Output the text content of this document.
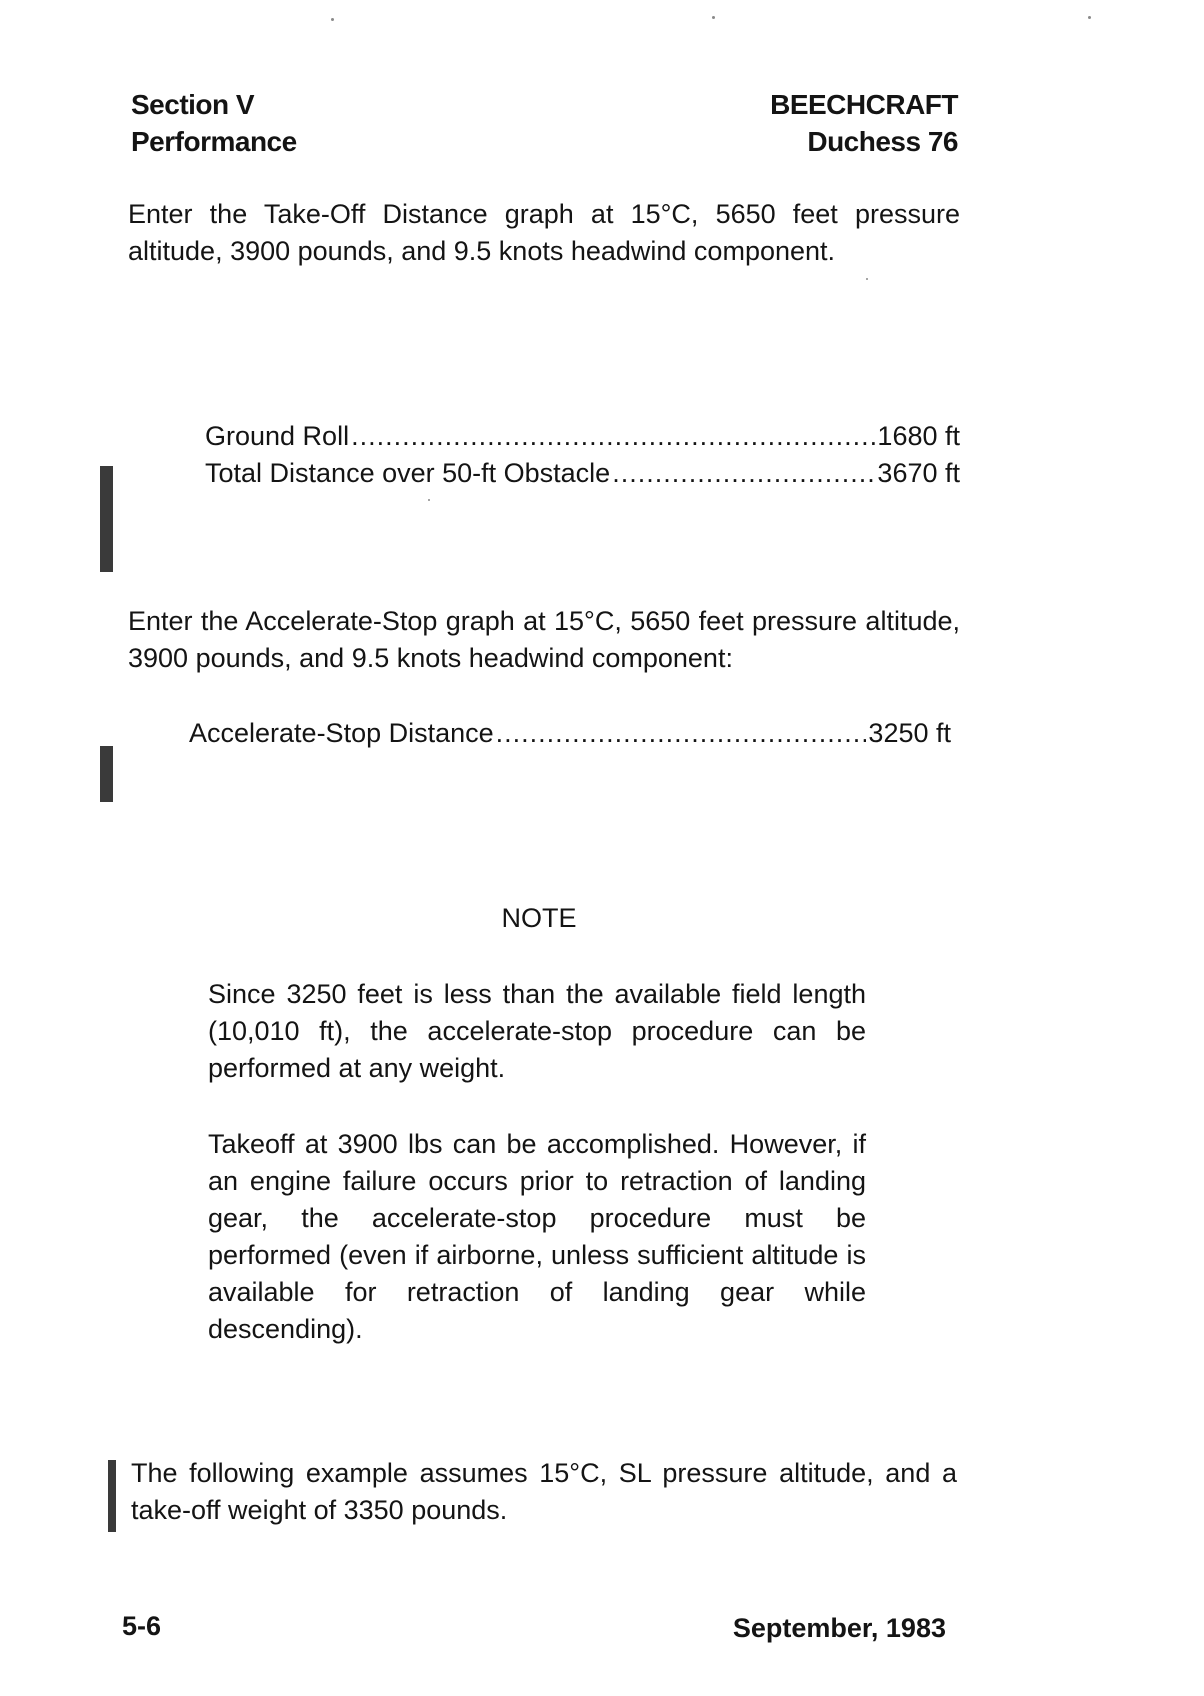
Section V
Performance
BEECHCRAFT
Duchess 76
Enter the Take-Off Distance graph at 15°C, 5650 feet pressure altitude, 3900 pounds, and 9.5 knots headwind component.
Ground Roll .....	1680 ft
Total Distance over 50-ft Obstacle .....	3670 ft
Enter the Accelerate-Stop graph at 15°C, 5650 feet pressure altitude, 3900 pounds, and 9.5 knots headwind component:
Accelerate-Stop Distance .....	3250 ft
NOTE
Since 3250 feet is less than the available field length (10,010 ft), the accelerate-stop procedure can be performed at any weight.
Takeoff at 3900 lbs can be accomplished. However, if an engine failure occurs prior to retraction of landing gear, the accelerate-stop procedure must be performed (even if airborne, unless sufficient altitude is available for retraction of landing gear while descending).
The following example assumes 15°C, SL pressure altitude, and a take-off weight of 3350 pounds.
5-6	September, 1983
